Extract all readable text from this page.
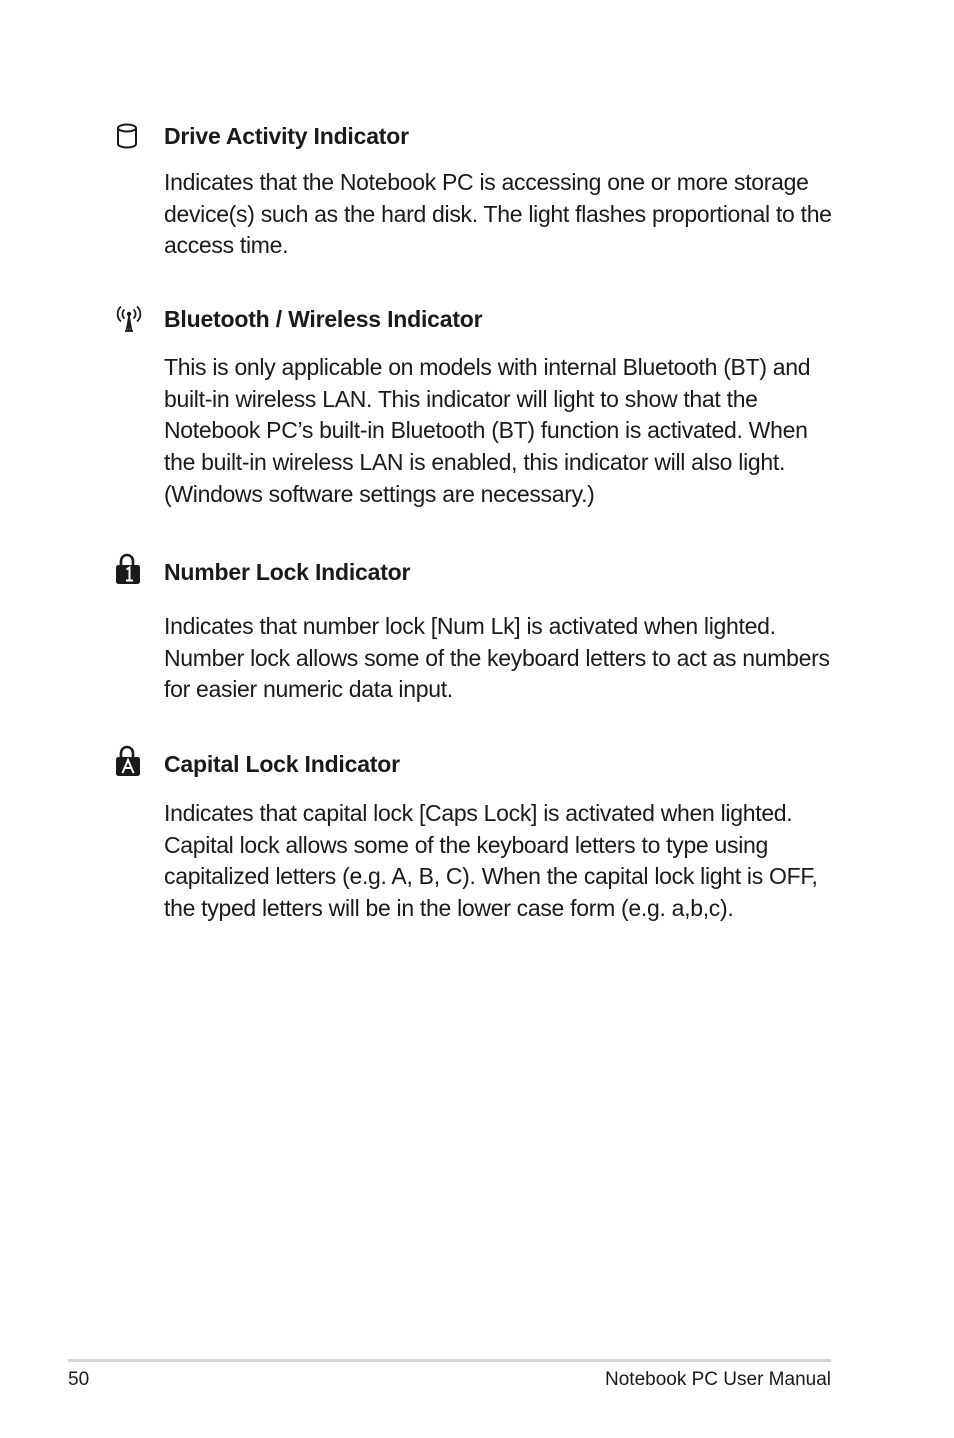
Drive Activity Indicator

Indicates that the Notebook PC is accessing one or more storage device(s) such as the hard disk. The light flashes proportional to the access time.

Bluetooth / Wireless Indicator

This is only applicable on models with internal Bluetooth (BT) and built-in wireless LAN. This indicator will light to show that the Notebook PC’s built-in Bluetooth (BT) function is activated. When the built-in wireless LAN is enabled, this indicator will also light. (Windows software settings are necessary.)

Number Lock Indicator

Indicates that number lock [Num Lk] is activated when lighted. Number lock allows some of the keyboard letters to act as numbers for easier numeric data input.

Capital Lock Indicator

Indicates that capital lock [Caps Lock] is activated when lighted. Capital lock allows some of the keyboard letters to type using capitalized letters (e.g. A, B, C). When the capital lock light is OFF, the typed letters will be in the lower case form (e.g. a,b,c).

50	Notebook PC User Manual
